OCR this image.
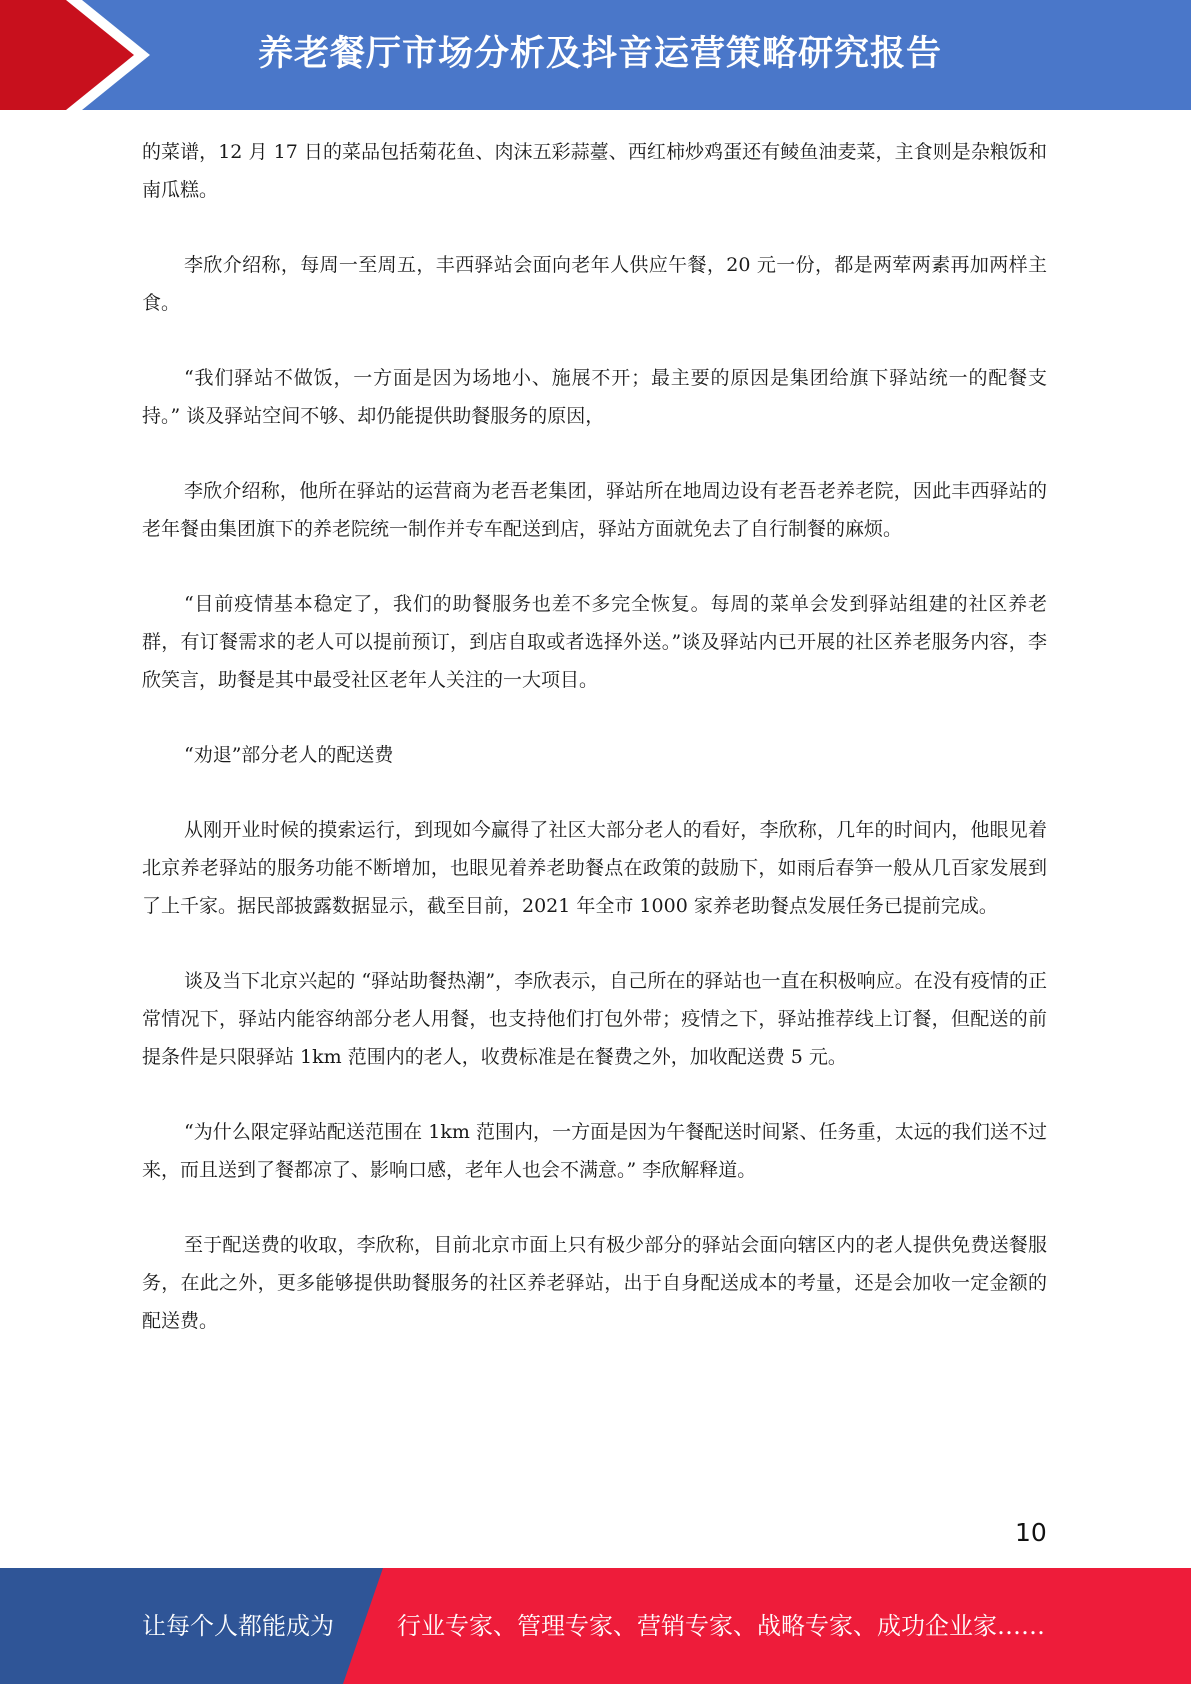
养老餐厅市场分析及抖音运营策略研究报告

的菜谱，12 月 17 日的菜品包括菊花鱼、肉沫五彩蒜薹、西红柿炒鸡蛋还有鲮鱼油麦菜，主食则是杂粮饭和南瓜糕。

李欣介绍称，每周一至周五，丰西驿站会面向老年人供应午餐，20 元一份，都是两荤两素再加两样主食。

“我们驿站不做饭，一方面是因为场地小、施展不开；最主要的原因是集团给旗下驿站统一的配餐支持。” 谈及驿站空间不够、却仍能提供助餐服务的原因，

李欣介绍称，他所在驿站的运营商为老吾老集团，驿站所在地周边设有老吾老养老院，因此丰西驿站的老年餐由集团旗下的养老院统一制作并专车配送到店，驿站方面就免去了自行制餐的麻烦。

“目前疫情基本稳定了，我们的助餐服务也差不多完全恢复。每周的菜单会发到驿站组建的社区养老群，有订餐需求的老人可以提前预订，到店自取或者选择外送。”谈及驿站内已开展的社区养老服务内容，李欣笑言，助餐是其中最受社区老年人关注的一大项目。

“劝退”部分老人的配送费

从刚开业时候的摸索运行，到现如今赢得了社区大部分老人的看好，李欣称，几年的时间内，他眼见着北京养老驿站的服务功能不断增加，也眼见着养老助餐点在政策的鼓励下，如雨后春笋一般从几百家发展到了上千家。据民部披露数据显示，截至目前，2021 年全市 1000 家养老助餐点发展任务已提前完成。

谈及当下北京兴起的 “驿站助餐热潮”，李欣表示，自己所在的驿站也一直在积极响应。在没有疫情的正常情况下，驿站内能容纳部分老人用餐，也支持他们打包外带；疫情之下，驿站推荐线上订餐，但配送的前提条件是只限驿站 1km 范围内的老人，收费标准是在餐费之外，加收配送费 5 元。

“为什么限定驿站配送范围在 1km 范围内，一方面是因为午餐配送时间紧、任务重，太远的我们送不过来，而且送到了餐都凉了、影响口感，老年人也会不满意。” 李欣解释道。

至于配送费的收取，李欣称，目前北京市面上只有极少部分的驿站会面向辖区内的老人提供免费送餐服务，在此之外，更多能够提供助餐服务的社区养老驿站，出于自身配送成本的考量，还是会加收一定金额的配送费。

10
让每个人都能成为	行业专家、管理专家、营销专家、战略专家、成功企业家……
